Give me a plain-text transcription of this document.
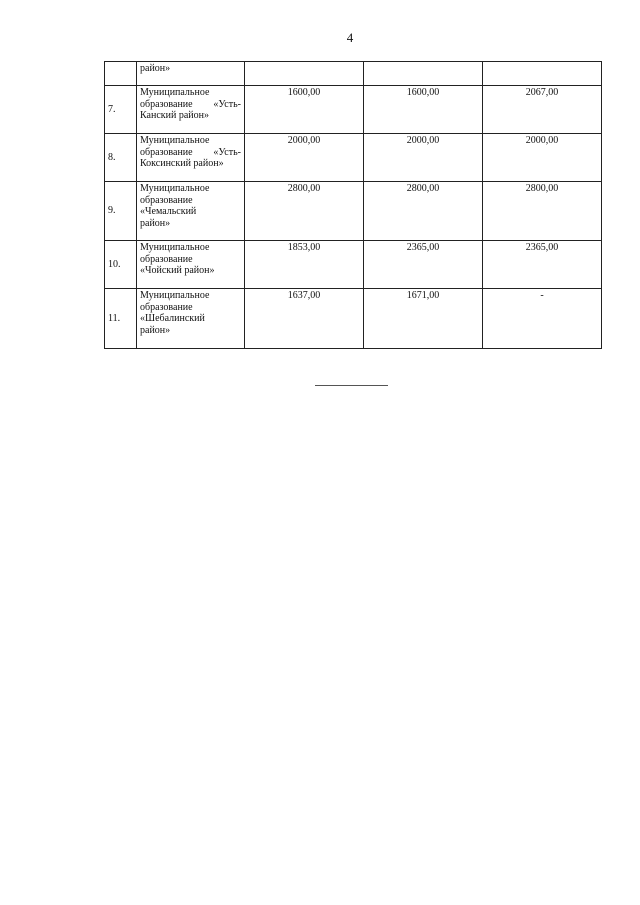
4
	район»			
7.	Муниципальное
образование «Усть-
Канский район»	1600,00	1600,00	2067,00
8.	Муниципальное
образование «Усть-
Коксинский район»	2000,00	2000,00	2000,00
9.	Муниципальное
образование
«Чемальский
район»	2800,00	2800,00	2800,00
10.	Муниципальное
образование
«Чойский район»	1853,00	2365,00	2365,00
11.	Муниципальное
образование
«Шебалинский
район»	1637,00	1671,00	-
